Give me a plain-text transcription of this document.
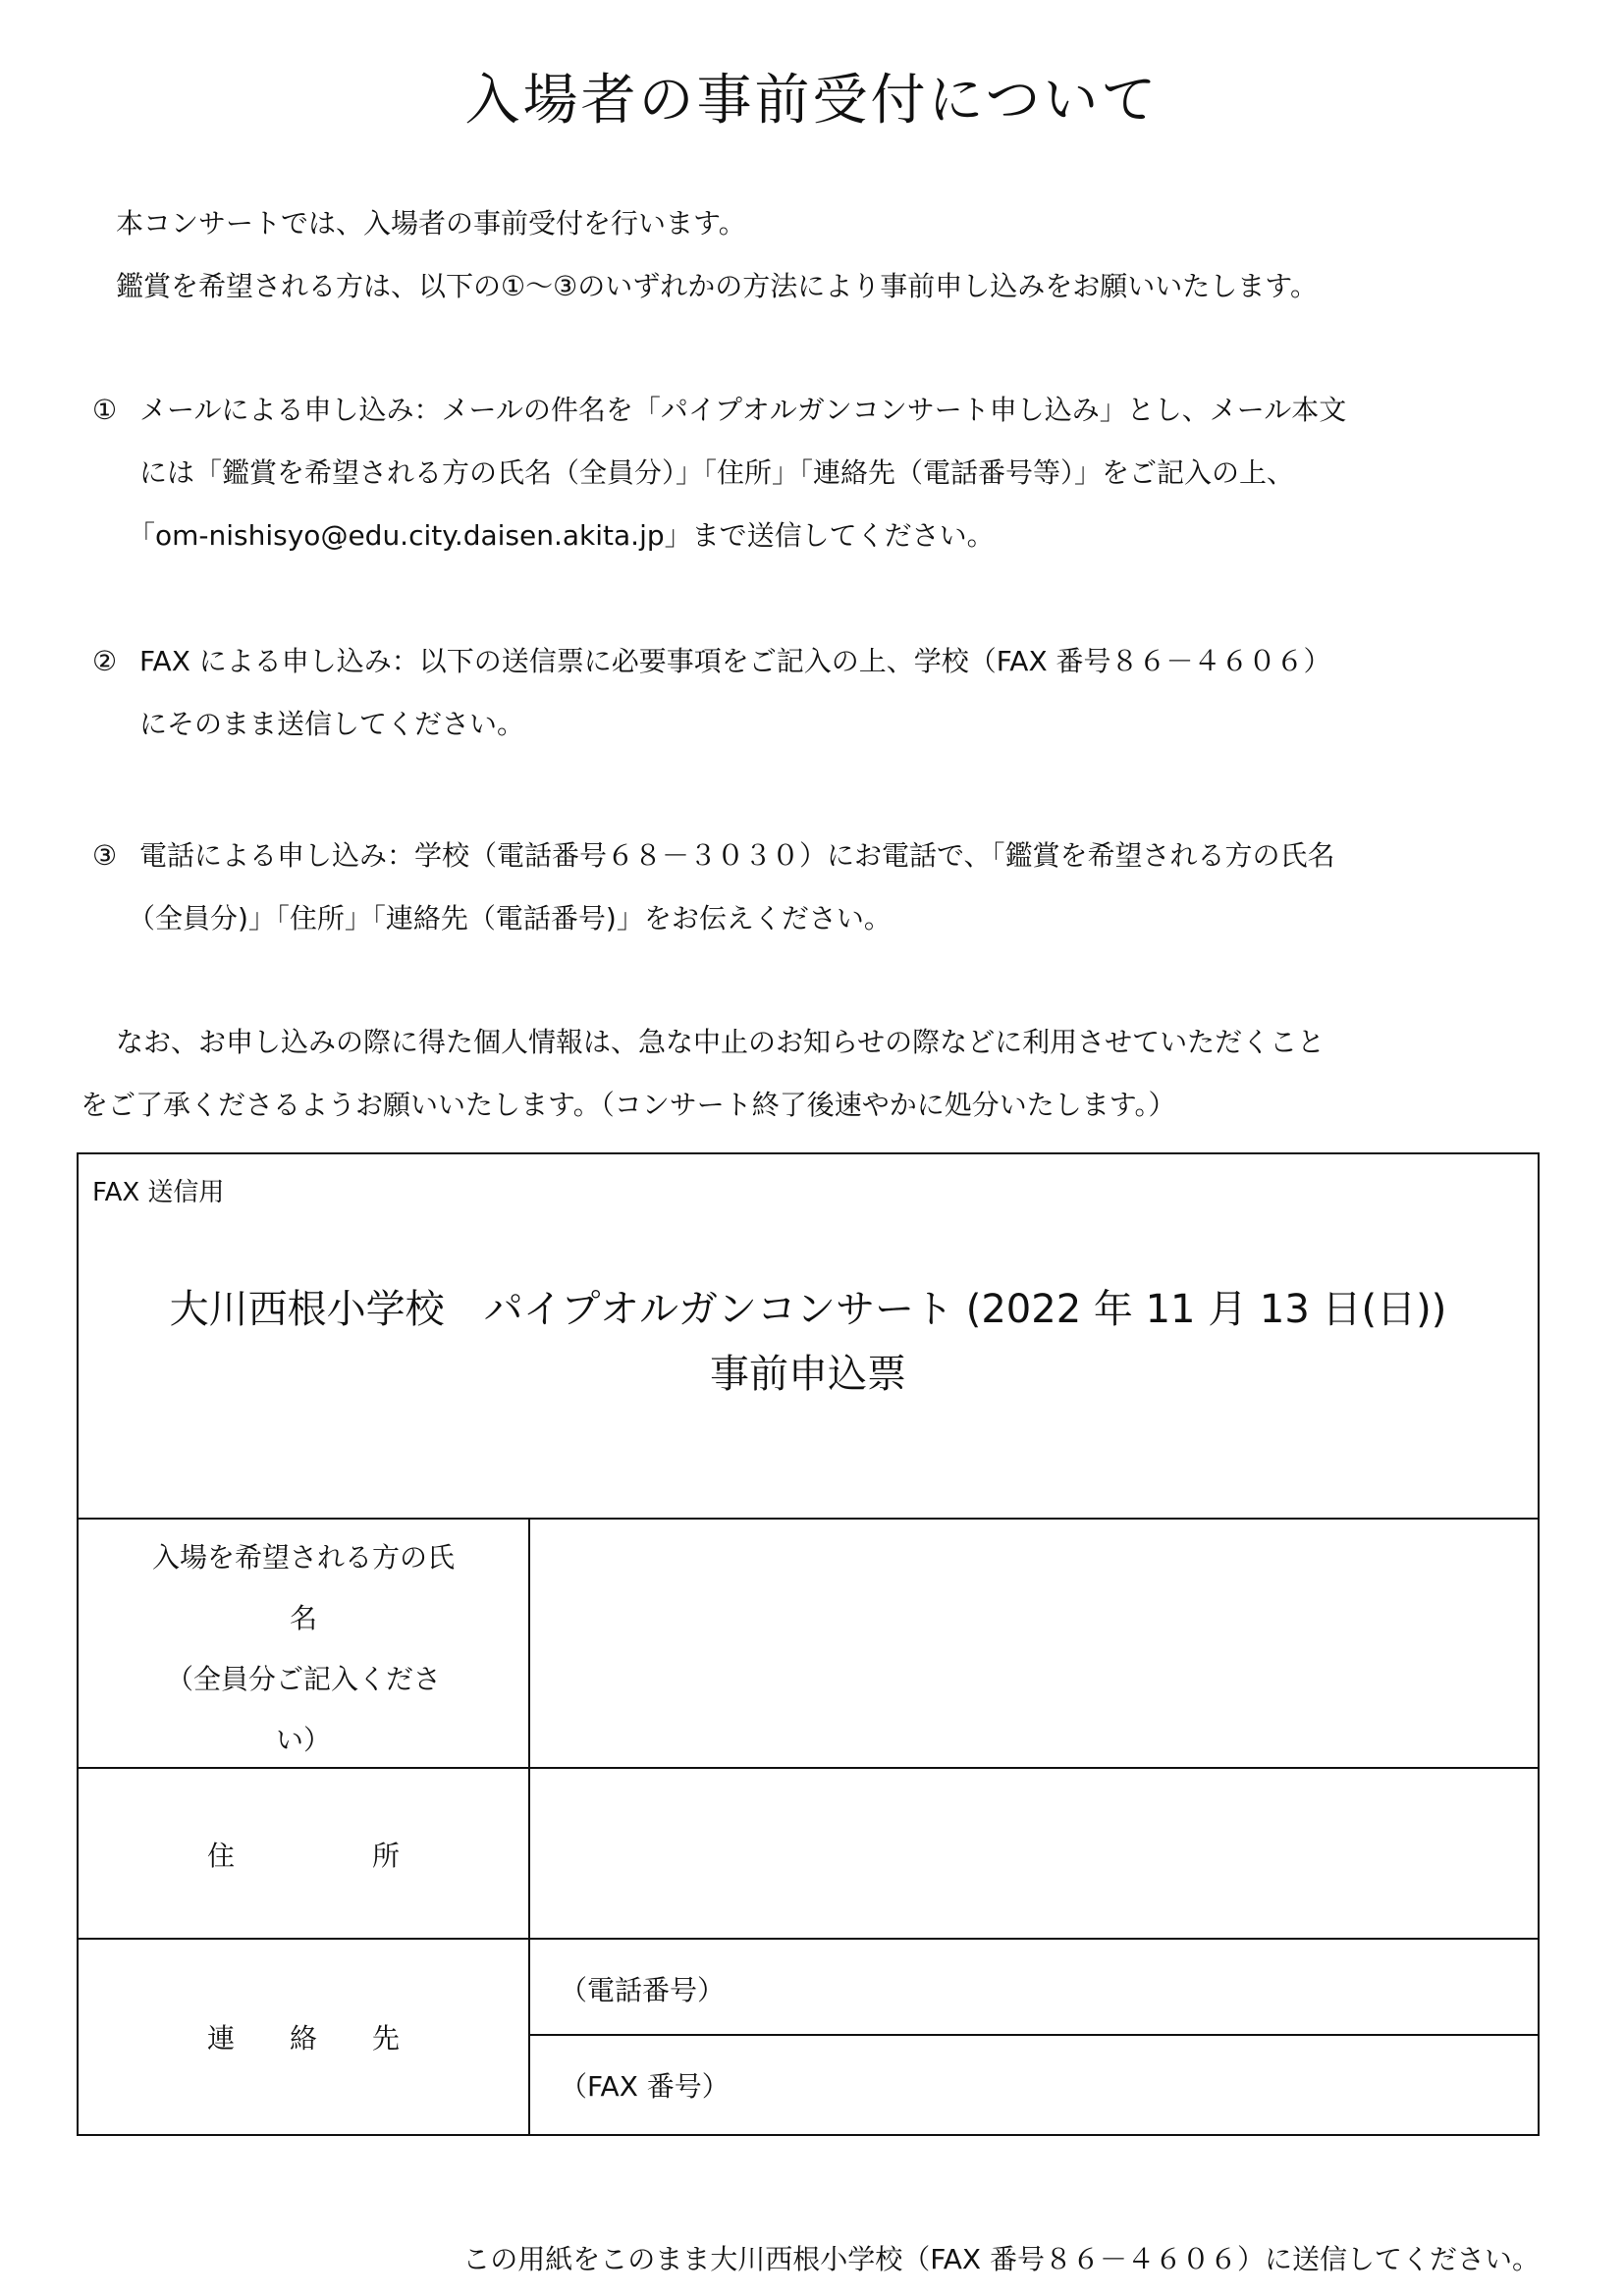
入場者の事前受付について
本コンサートでは、入場者の事前受付を行います。
鑑賞を希望される方は、以下の①～③のいずれかの方法により事前申し込みをお願いいたします。
① メールによる申し込み：メールの件名を「パイプオルガンコンサート申し込み」とし、メール本文
には「鑑賞を希望される方の氏名（全員分）」「住所」「連絡先（電話番号等）」をご記入の上、
「om-nishisyo@edu.city.daisen.akita.jp」まで送信してください。
② FAX による申し込み：以下の送信票に必要事項をご記入の上、学校（FAX 番号８６－４６０６）
にそのまま送信してください。
③ 電話による申し込み：学校（電話番号６８－３０３０）にお電話で、「鑑賞を希望される方の氏名
（全員分)」「住所」「連絡先（電話番号)」をお伝えください。
なお、お申し込みの際に得た個人情報は、急な中止のお知らせの際などに利用させていただくこと
をご了承くださるようお願いいたします。（コンサート終了後速やかに処分いたします。）
FAX 送信用
大川西根小学校　パイプオルガンコンサート (2022 年 11 月 13 日(日))
事前申込票
入場を希望される方の氏
名
（全員分ご記入くださ
い）
住　　　　　所
連　　絡　　先
（電話番号）
（FAX 番号）
この用紙をこのまま大川西根小学校（FAX 番号８６－４６０６）に送信してください。
